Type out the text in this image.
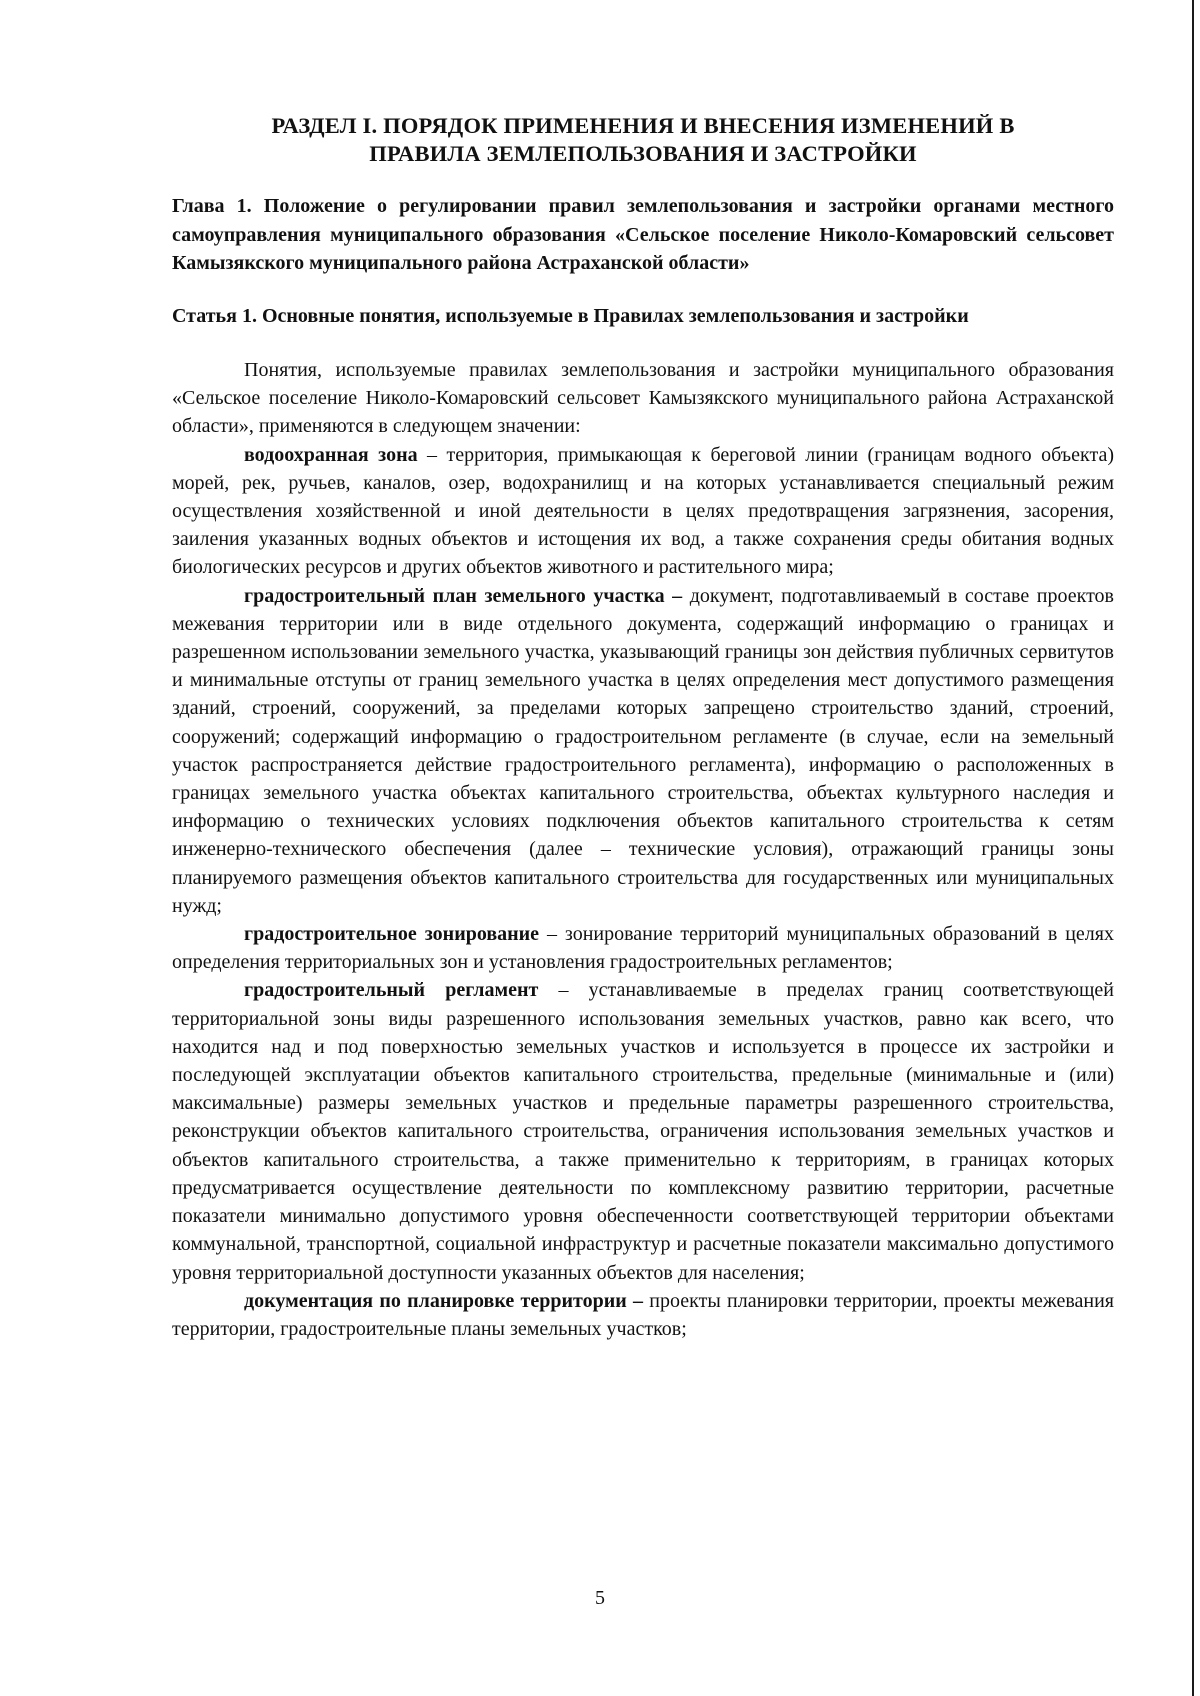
РАЗДЕЛ I. ПОРЯДОК ПРИМЕНЕНИЯ И ВНЕСЕНИЯ ИЗМЕНЕНИЙ В
ПРАВИЛА ЗЕМЛЕПОЛЬЗОВАНИЯ И ЗАСТРОЙКИ
Глава 1. Положение о регулировании правил землепользования и застройки органами местного самоуправления муниципального образования «Сельское поселение Николо-Комаровский сельсовет Камызякского муниципального района Астраханской области»
Статья 1. Основные понятия, используемые в Правилах землепользования и застройки

Понятия, используемые правилах землепользования и застройки муниципального образования «Сельское поселение Николо-Комаровский сельсовет Камызякского муниципального района Астраханской области», применяются в следующем значении:

водоохранная зона – территория, примыкающая к береговой линии (границам водного объекта) морей, рек, ручьев, каналов, озер, водохранилищ и на которых устанавливается специальный режим осуществления хозяйственной и иной деятельности в целях предотвращения загрязнения, засорения, заиления указанных водных объектов и истощения их вод, а также сохранения среды обитания водных биологических ресурсов и других объектов животного и растительного мира;

градостроительный план земельного участка – документ, подготавливаемый в составе проектов межевания территории или в виде отдельного документа, содержащий информацию о границах и разрешенном использовании земельного участка, указывающий границы зон действия публичных сервитутов и минимальные отступы от границ земельного участка в целях определения мест допустимого размещения зданий, строений, сооружений, за пределами которых запрещено строительство зданий, строений, сооружений; содержащий информацию о градостроительном регламенте (в случае, если на земельный участок распространяется действие градостроительного регламента), информацию о расположенных в границах земельного участка объектах капитального строительства, объектах культурного наследия и информацию о технических условиях подключения объектов капитального строительства к сетям инженерно-технического обеспечения (далее – технические условия), отражающий границы зоны планируемого размещения объектов капитального строительства для государственных или муниципальных нужд;

градостроительное зонирование – зонирование территорий муниципальных образований в целях определения территориальных зон и установления градостроительных регламентов;

градостроительный регламент – устанавливаемые в пределах границ соответствующей территориальной зоны виды разрешенного использования земельных участков, равно как всего, что находится над и под поверхностью земельных участков и используется в процессе их застройки и последующей эксплуатации объектов капитального строительства, предельные (минимальные и (или) максимальные) размеры земельных участков и предельные параметры разрешенного строительства, реконструкции объектов капитального строительства, ограничения использования земельных участков и объектов капитального строительства, а также применительно к территориям, в границах которых предусматривается осуществление деятельности по комплексному развитию территории, расчетные показатели минимально допустимого уровня обеспеченности соответствующей территории объектами коммунальной, транспортной, социальной инфраструктур и расчетные показатели максимально допустимого уровня территориальной доступности указанных объектов для населения;

документация по планировке территории – проекты планировки территории, проекты межевания территории, градостроительные планы земельных участков;

5
